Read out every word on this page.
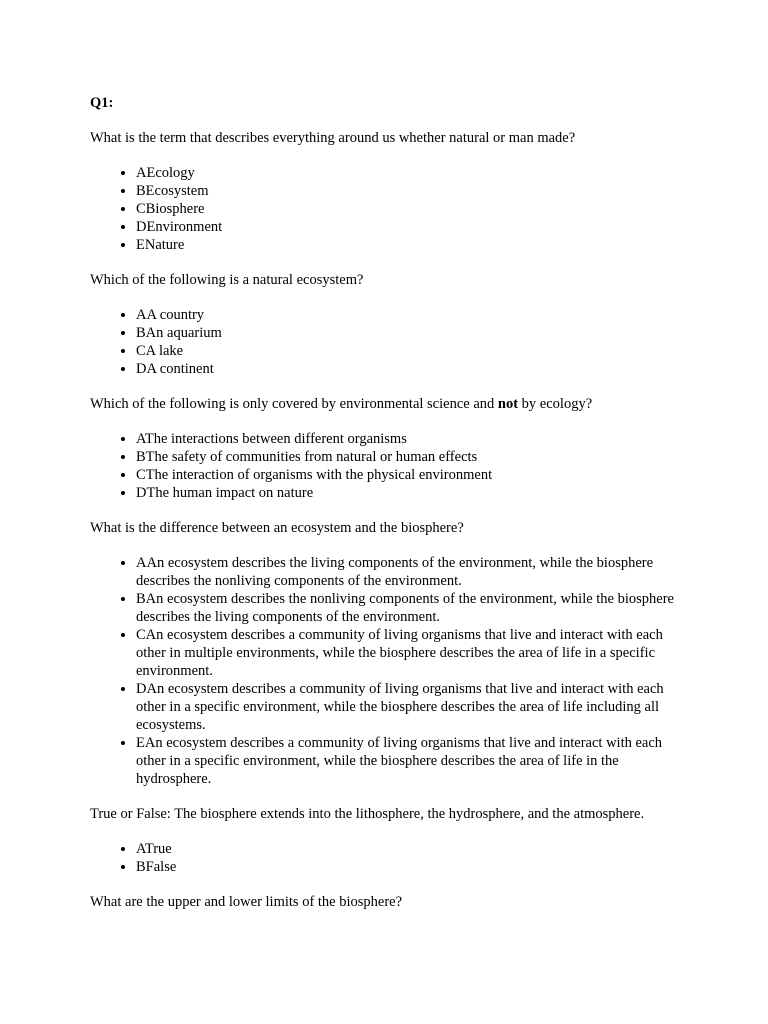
Q1:

What is the term that describes everything around us whether natural or man made?

• AEcology
• BEcosystem
• CBiosphere
• DEnvironment
• ENature

Which of the following is a natural ecosystem?

• AA country
• BAn aquarium
• CA lake
• DA continent

Which of the following is only covered by environmental science and not by ecology?

• AThe interactions between different organisms
• BThe safety of communities from natural or human effects
• CThe interaction of organisms with the physical environment
• DThe human impact on nature

What is the difference between an ecosystem and the biosphere?

• AAn ecosystem describes the living components of the environment, while the biosphere describes the nonliving components of the environment.
• BAn ecosystem describes the nonliving components of the environment, while the biosphere describes the living components of the environment.
• CAn ecosystem describes a community of living organisms that live and interact with each other in multiple environments, while the biosphere describes the area of life in a specific environment.
• DAn ecosystem describes a community of living organisms that live and interact with each other in a specific environment, while the biosphere describes the area of life including all ecosystems.
• EAn ecosystem describes a community of living organisms that live and interact with each other in a specific environment, while the biosphere describes the area of life in the hydrosphere.

True or False: The biosphere extends into the lithosphere, the hydrosphere, and the atmosphere.

• ATrue
• BFalse

What are the upper and lower limits of the biosphere?
